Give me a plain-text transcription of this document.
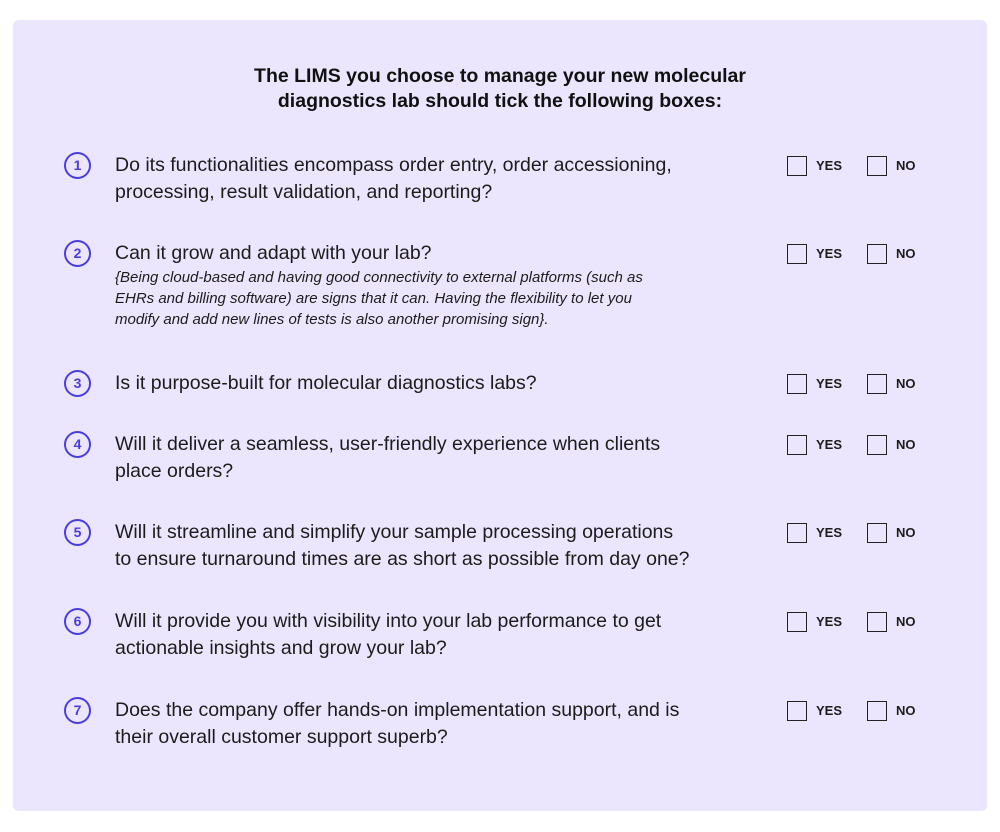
The LIMS you choose to manage your new molecular
diagnostics lab should tick the following boxes:
1	Do its functionalities encompass order entry, order accessioning,
processing, result validation, and reporting?
YES	NO
2	Can it grow and adapt with your lab?
{Being cloud-based and having good connectivity to external platforms (such as
EHRs and billing software) are signs that it can. Having the flexibility to let you
modify and add new lines of tests is also another promising sign}.
YES	NO
3	Is it purpose-built for molecular diagnostics labs?	YES	NO
4	Will it deliver a seamless, user-friendly experience when clients
place orders?
YES	NO
5	Will it streamline and simplify your sample processing operations
to ensure turnaround times are as short as possible from day one?
YES	NO
6	Will it provide you with visibility into your lab performance to get
actionable insights and grow your lab?
YES	NO
7	Does the company offer hands-on implementation support, and is
their overall customer support superb?
YES	NO
